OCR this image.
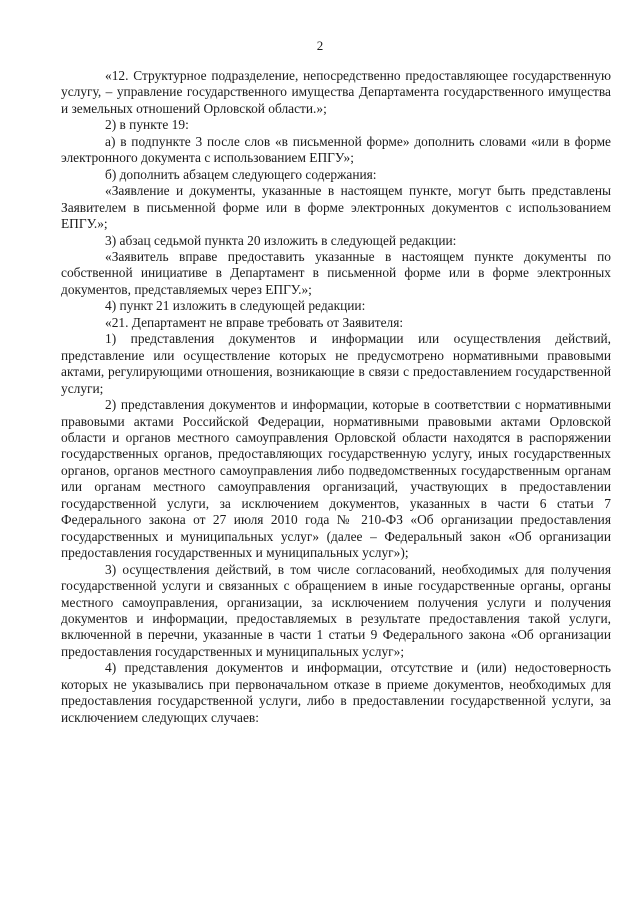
2

«12. Структурное подразделение, непосредственно предоставляющее государственную услугу, – управление государственного имущества Департамента государственного имущества и земельных отношений Орловской области.»;

2) в пункте 19:

а) в подпункте 3 после слов «в письменной форме» дополнить словами «или в форме электронного документа с использованием ЕПГУ»;

б) дополнить абзацем следующего содержания:

«Заявление и документы, указанные в настоящем пункте, могут быть представлены Заявителем в письменной форме или в форме электронных документов с использованием ЕПГУ.»;

3) абзац седьмой пункта 20 изложить в следующей редакции:

«Заявитель вправе предоставить указанные в настоящем пункте документы по собственной инициативе в Департамент в письменной форме или в форме электронных документов, представляемых через ЕПГУ.»;

4) пункт 21 изложить в следующей редакции:

«21. Департамент не вправе требовать от Заявителя:

1) представления документов и информации или осуществления действий, представление или осуществление которых не предусмотрено нормативными правовыми актами, регулирующими отношения, возникающие в связи с предоставлением государственной услуги;

2) представления документов и информации, которые в соответствии с нормативными правовыми актами Российской Федерации, нормативными правовыми актами Орловской области и органов местного самоуправления Орловской области находятся в распоряжении государственных органов, предоставляющих государственную услугу, иных государственных органов, органов местного самоуправления либо подведомственных государственным органам или органам местного самоуправления организаций, участвующих в предоставлении государственной услуги, за исключением документов, указанных в части 6 статьи 7 Федерального закона от 27 июля 2010 года № 210-ФЗ «Об организации предоставления государственных и муниципальных услуг» (далее – Федеральный закон «Об организации предоставления государственных и муниципальных услуг»);

3) осуществления действий, в том числе согласований, необходимых для получения государственной услуги и связанных с обращением в иные государственные органы, органы местного самоуправления, организации, за исключением получения услуги и получения документов и информации, предоставляемых в результате предоставления такой услуги, включенной в перечни, указанные в части 1 статьи 9 Федерального закона «Об организации предоставления государственных и муниципальных услуг»;

4) представления документов и информации, отсутствие и (или) недостоверность которых не указывались при первоначальном отказе в приеме документов, необходимых для предоставления государственной услуги, либо в предоставлении государственной услуги, за исключением следующих случаев:
